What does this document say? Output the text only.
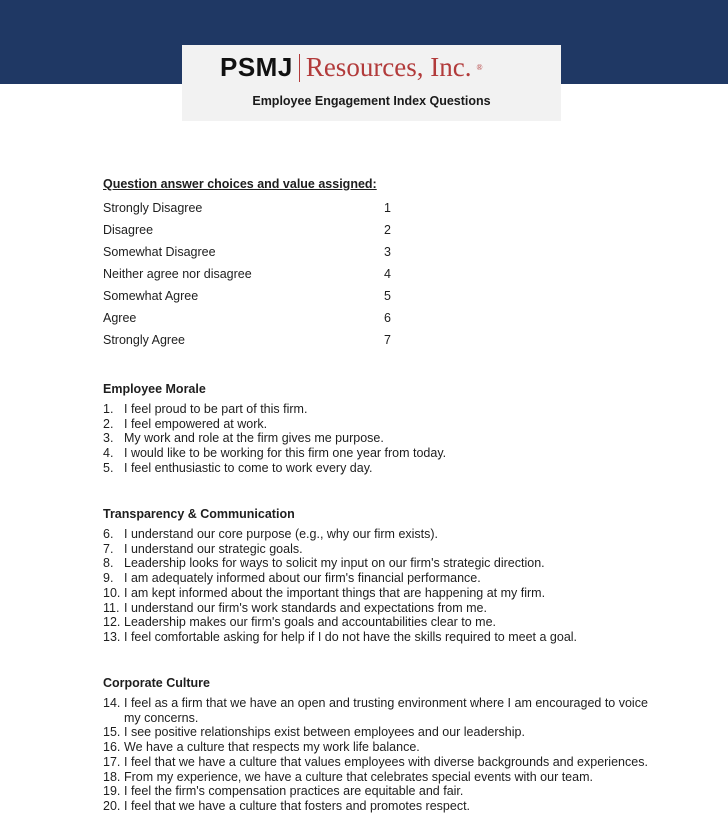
PSMJ Resources, Inc. ®
Employee Engagement Index Questions
Question answer choices and value assigned:
Strongly Disagree	1
Disagree	2
Somewhat Disagree	3
Neither agree nor disagree	4
Somewhat Agree	5
Agree	6
Strongly Agree	7
Employee Morale
1. I feel proud to be part of this firm.
2. I feel empowered at work.
3. My work and role at the firm gives me purpose.
4. I would like to be working for this firm one year from today.
5. I feel enthusiastic to come to work every day.
Transparency & Communication
6. I understand our core purpose (e.g., why our firm exists).
7. I understand our strategic goals.
8. Leadership looks for ways to solicit my input on our firm's strategic direction.
9. I am adequately informed about our firm's financial performance.
10. I am kept informed about the important things that are happening at my firm.
11. I understand our firm's work standards and expectations from me.
12. Leadership makes our firm's goals and accountabilities clear to me.
13. I feel comfortable asking for help if I do not have the skills required to meet a goal.
Corporate Culture
14. I feel as a firm that we have an open and trusting environment where I am encouraged to voice my concerns.
15. I see positive relationships exist between employees and our leadership.
16. We have a culture that respects my work life balance.
17. I feel that we have a culture that values employees with diverse backgrounds and experiences.
18. From my experience, we have a culture that celebrates special events with our team.
19. I feel the firm's compensation practices are equitable and fair.
20. I feel that we have a culture that fosters and promotes respect.
